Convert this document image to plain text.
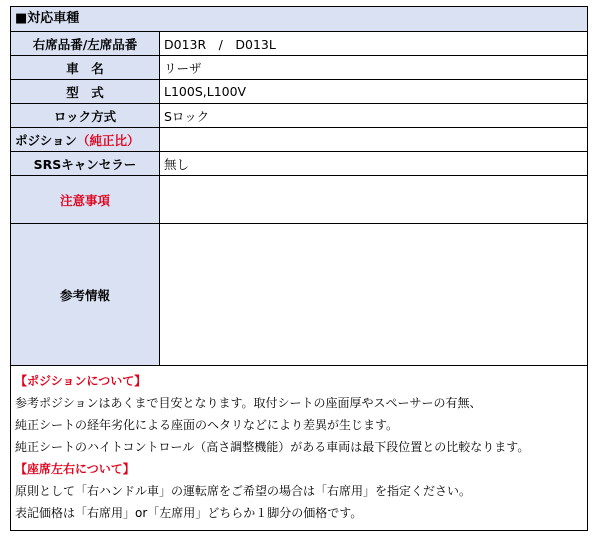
■対応車種
右席品番/左席品番	D013R　/　D013L
車　名	リーザ
型　式	L100S,L100V
ロック方式	Sロック
ポジション（純正比）	
SRSキャンセラー	無し
注意事項	
参考情報	
【ポジションについて】
参考ポジションはあくまで目安となります。取付シートの座面厚やスペーサーの有無、
純正シートの経年劣化による座面のヘタリなどにより差異が生じます。
純正シートのハイトコントロール（高さ調整機能）がある車両は最下段位置との比較なります。
【座席左右について】
原則として「右ハンドル車」の運転席をご希望の場合は「右席用」を指定ください。
表記価格は「右席用」or「左席用」どちらか１脚分の価格です。
